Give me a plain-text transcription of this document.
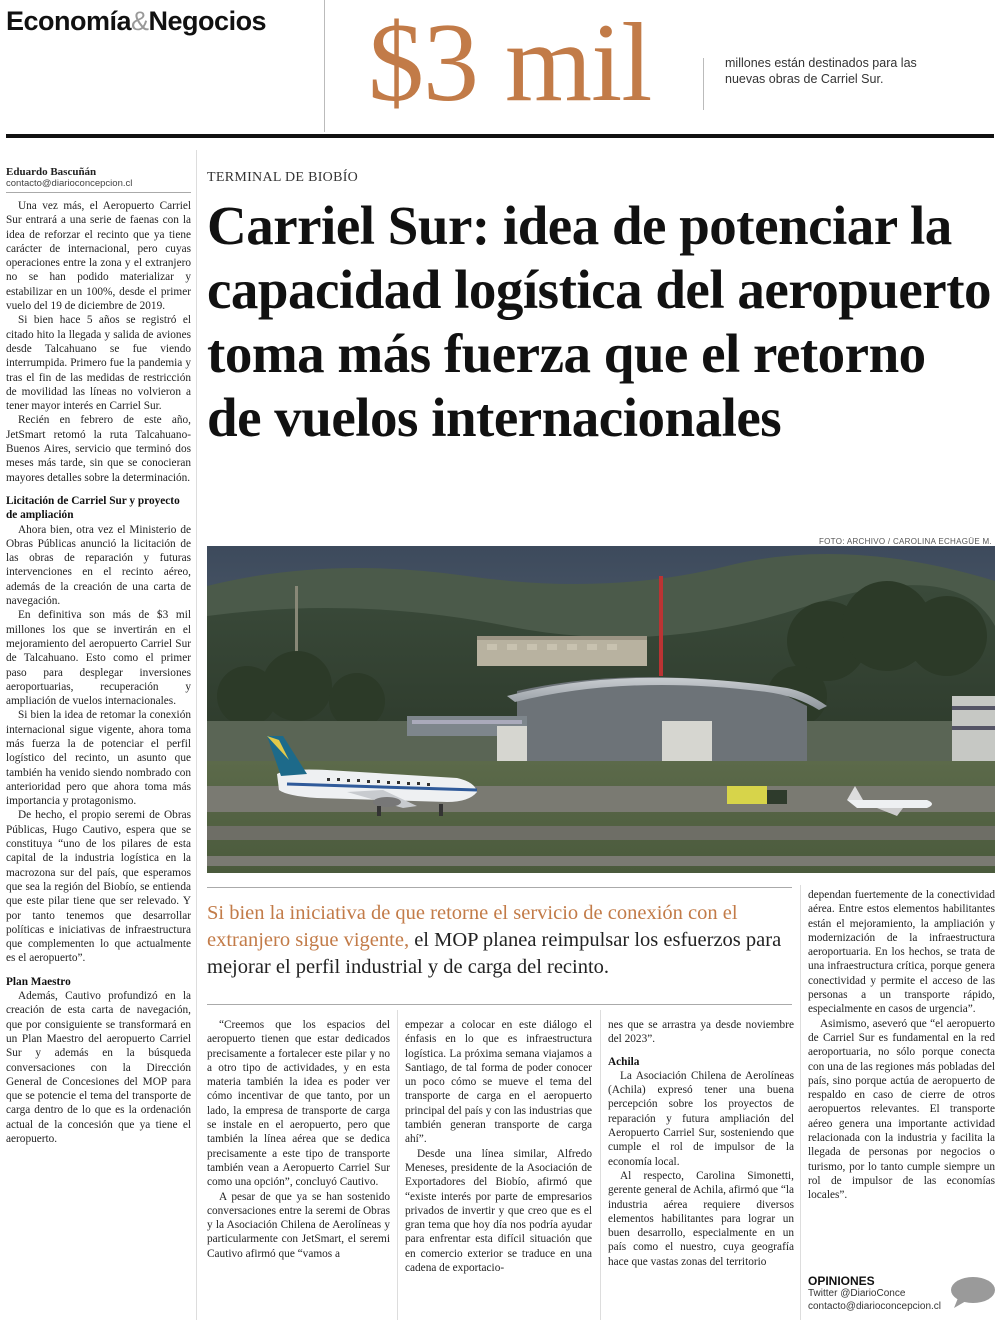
Economía&Negocios $3 mil	millones están destinados para las nuevas obras de Carriel Sur.
Eduardo Bascuñán
contacto@diarioconcepcion.cl

Una vez más, el Aeropuerto Carriel Sur entrará a una serie de faenas con la idea de reforzar el recinto que ya tiene carácter de internacional, pero cuyas operaciones entre la zona y el extranjero no se han podido materializar y estabilizar en un 100%, desde el primer vuelo del 19 de diciembre de 2019.

Si bien hace 5 años se registró el citado hito la llegada y salida de aviones desde Talcahuano se fue viendo interrumpida. Primero fue la pandemia y tras el fin de las medidas de restricción de movilidad las líneas no volvieron a tener mayor interés en Carriel Sur.

Recién en febrero de este año, JetSmart retomó la ruta Talcahuano-Buenos Aires, servicio que terminó dos meses más tarde, sin que se conocieran mayores detalles sobre la determinación.

Licitación de Carriel Sur y proyecto de ampliación

Ahora bien, otra vez el Ministerio de Obras Públicas anunció la licitación de las obras de reparación y futuras intervenciones en el recinto aéreo, además de la creación de una carta de navegación.

En definitiva son más de $3 mil millones los que se invertirán en el mejoramiento del aeropuerto Carriel Sur de Talcahuano. Esto como el primer paso para desplegar inversiones aeroportuarias, recuperación y ampliación de vuelos internacionales.

Si bien la idea de retomar la conexión internacional sigue vigente, ahora toma más fuerza la de potenciar el perfil logístico del recinto, un asunto que también ha venido siendo nombrado con anterioridad pero que ahora toma más importancia y protagonismo.

De hecho, el propio seremi de Obras Públicas, Hugo Cautivo, espera que se constituya “uno de los pilares de esta capital de la industria logística en la macrozona sur del país, que esperamos que sea la región del Biobío, se entienda que este pilar tiene que ser relevado. Y por tanto tenemos que desarrollar políticas e iniciativas de infraestructura que complementen lo que actualmente es el aeropuerto”.

Plan Maestro

Además, Cautivo profundizó en la creación de esta carta de navegación, que por consiguiente se transformará en un Plan Maestro del aeropuerto Carriel Sur y además en la búsqueda conversaciones con la Dirección General de Concesiones del MOP para que se potencie el tema del transporte de carga dentro de lo que es la ordenación actual de la concesión que ya tiene el aeropuerto.

TERMINAL DE BIOBÍO
Carriel Sur: idea de potenciar la capacidad logística del aeropuerto toma más fuerza que el retorno de vuelos internacionales
FOTO: ARCHIVO / CAROLINA ECHAGÜE M.
Si bien la iniciativa de que retorne el servicio de conexión con el extranjero sigue vigente, el MOP planea reimpulsar los esfuerzos para mejorar el perfil industrial y de carga del recinto.

“Creemos que los espacios del aeropuerto tienen que estar dedicados precisamente a fortalecer este pilar y no a otro tipo de actividades, y en esta materia también la idea es poder ver cómo incentivar de que tanto, por un lado, la empresa de transporte de carga se instale en el aeropuerto, pero que también la línea aérea que se dedica precisamente a este tipo de transporte también vean a Aeropuerto Carriel Sur como una opción”, concluyó Cautivo.

A pesar de que ya se han sostenido conversaciones entre la seremi de Obras y la Asociación Chilena de Aerolíneas y particularmente con JetSmart, el seremi Cautivo afirmó que “vamos a

empezar a colocar en este diálogo el énfasis en lo que es infraestructura logística. La próxima semana viajamos a Santiago, de tal forma de poder conocer un poco cómo se mueve el tema del transporte de carga en el aeropuerto principal del país y con las industrias que también generan transporte de carga ahí”.

Desde una línea similar, Alfredo Meneses, presidente de la Asociación de Exportadores del Biobío, afirmó que “existe interés por parte de empresarios privados de invertir y que creo que es el gran tema que hoy día nos podría ayudar para enfrentar esta difícil situación que en comercio exterior se traduce en una cadena de exportacio-

nes que se arrastra ya desde noviembre del 2023”.

Achila

La Asociación Chilena de Aerolíneas (Achila) expresó tener una buena percepción sobre los proyectos de reparación y futura ampliación del Aeropuerto Carriel Sur, sosteniendo que cumple el rol de impulsor de la economía local.

Al respecto, Carolina Simonetti, gerente general de Achila, afirmó que “la industria aérea requiere diversos elementos habilitantes para lograr un buen desarrollo, especialmente en un país como el nuestro, cuya geografía hace que vastas zonas del territorio

dependan fuertemente de la conectividad aérea. Entre estos elementos habilitantes están el mejoramiento, la ampliación y modernización de la infraestructura aeroportuaria. En los hechos, se trata de una infraestructura crítica, porque genera conectividad y permite el acceso de las personas a un transporte rápido, especialmente en casos de urgencia”.

Asimismo, aseveró que “el aeropuerto de Carriel Sur es fundamental en la red aeroportuaria, no sólo porque conecta con una de las regiones más pobladas del país, sino porque actúa de aeropuerto de respaldo en caso de cierre de otros aeropuertos relevantes. El transporte aéreo genera una importante actividad relacionada con la industria y facilita la llegada de personas por negocios o turismo, por lo tanto cumple siempre un rol de impulsor de las economías locales”.

OPINIONES
Twitter @DiarioConce
contacto@diarioconcepcion.cl
